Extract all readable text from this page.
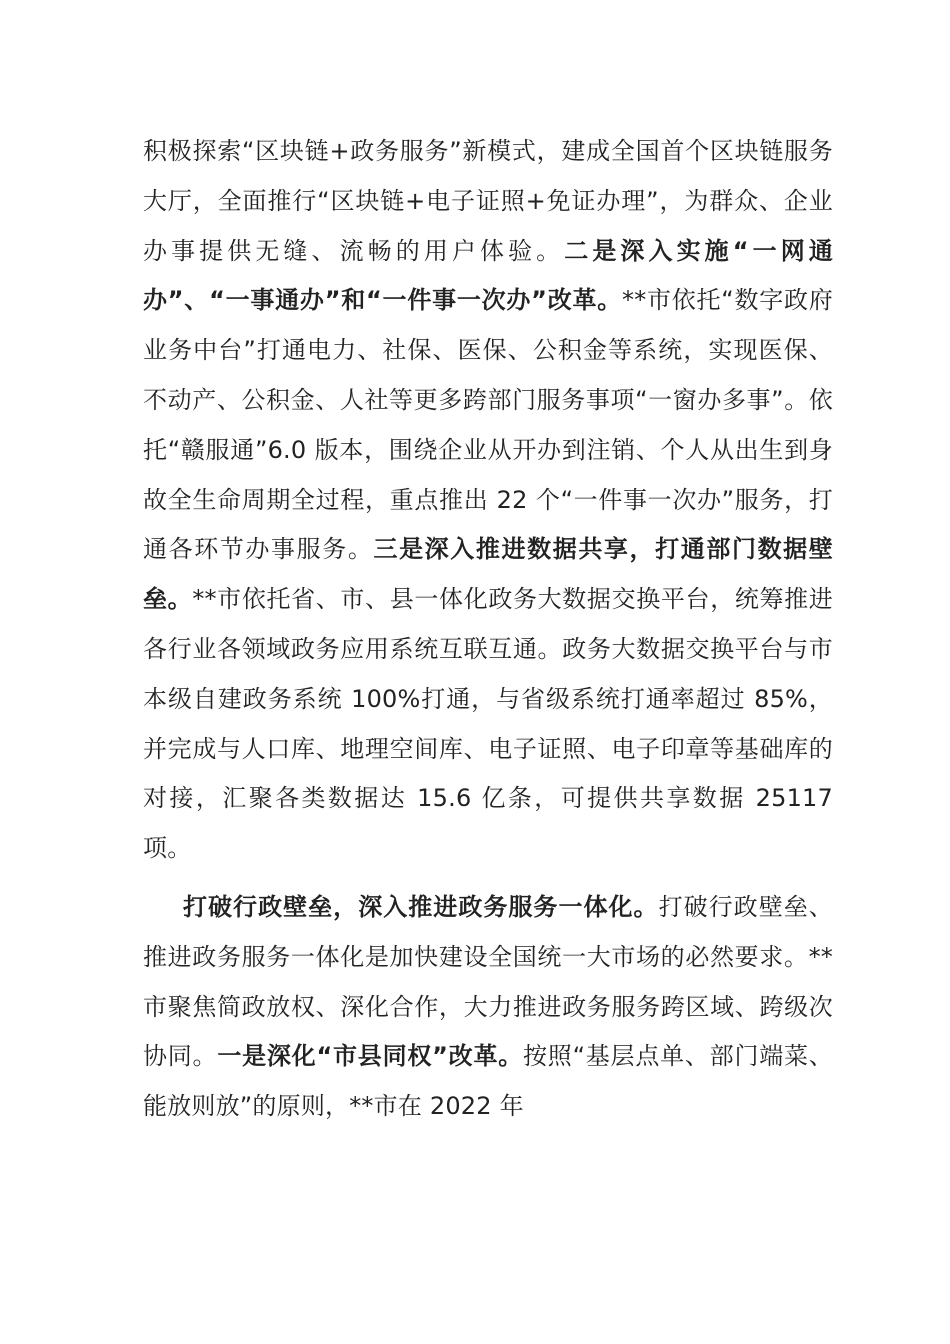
积极探索“区块链+政务服务”新模式，建成全国首个区块链服务大厅，全面推行“区块链+电子证照+免证办理”，为群众、企业办事提供无缝、流畅的用户体验。二是深入实施“一网通办”、“一事通办”和“一件事一次办”改革。**市依托“数字政府业务中台”打通电力、社保、医保、公积金等系统，实现医保、不动产、公积金、人社等更多跨部门服务事项“一窗办多事”。依托“赣服通”6.0 版本，围绕企业从开办到注销、个人从出生到身故全生命周期全过程，重点推出 22 个“一件事一次办”服务，打通各环节办事服务。三是深入推进数据共享，打通部门数据壁垒。**市依托省、市、县一体化政务大数据交换平台，统筹推进各行业各领域政务应用系统互联互通。政务大数据交换平台与市本级自建政务系统 100%打通，与省级系统打通率超过 85%，并完成与人口库、地理空间库、电子证照、电子印章等基础库的对接，汇聚各类数据达 15.6 亿条，可提供共享数据 25117 项。

打破行政壁垒，深入推进政务服务一体化。打破行政壁垒、推进政务服务一体化是加快建设全国统一大市场的必然要求。**市聚焦简政放权、深化合作，大力推进政务服务跨区域、跨级次协同。一是深化“市县同权”改革。按照“基层点单、部门端菜、能放则放”的原则，**市在 2022 年
